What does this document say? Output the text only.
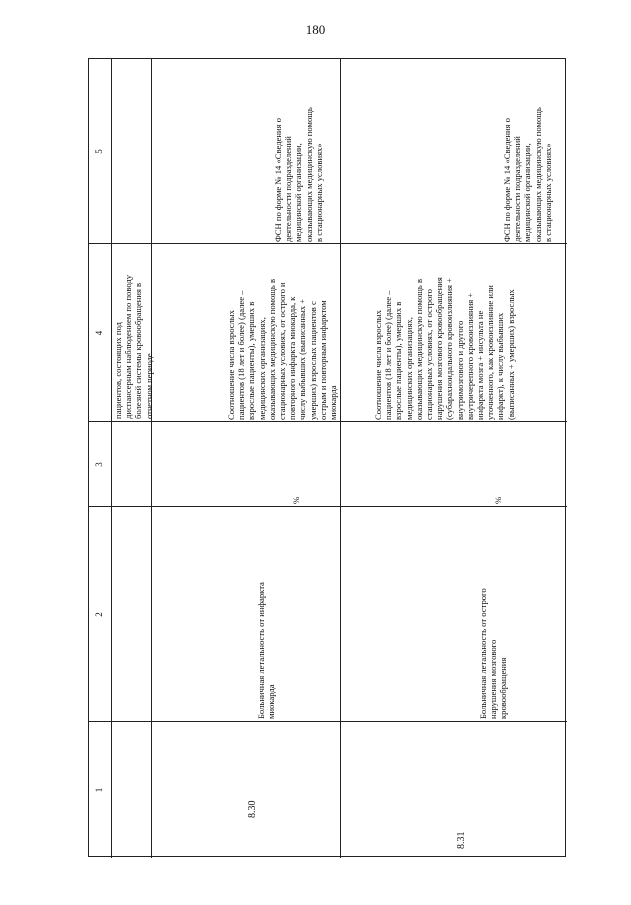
180
1
2
3
4
5
пациентов, состоящих под
диспансерным наблюдением по поводу
болезней системы кровообращения в
отчетном периоде
8.30
Больничная летальность от инфаркта
миокарда
%
Соотношение числа взрослых
пациентов (18 лет и более) (далее –
взрослые пациенты), умерших в
медицинских организациях,
оказывающих медицинскую помощь в
стационарных условиях, от острого и
повторного инфаркта миокарда, к
числу выбывших (выписанных +
умерших) взрослых пациентов с
острым и повторным инфарктом
миокарда
ФСН по форме № 14 «Сведения о
деятельности подразделений
медицинской организации,
оказывающих медицинскую помощь
в стационарных условиях»
8.31
Больничная летальность от острого
нарушения мозгового
кровообращения
%
Соотношение числа взрослых
пациентов (18 лет и более) (далее –
взрослые пациенты), умерших в
медицинских организациях,
оказывающих медицинскую помощь в
стационарных условиях, от острого
нарушения мозгового кровообращения
(субарахноидального кровоизлияния +
внутримозгового и другого
внутричерепного кровоизлияния +
инфаркта мозга + инсульта не
уточненного, как кровоизлияние или
инфаркт), к числу выбывших
(выписанных + умерших) взрослых
ФСН по форме № 14 «Сведения о
деятельности подразделений
медицинской организации,
оказывающих медицинскую помощь
в стационарных условиях»
